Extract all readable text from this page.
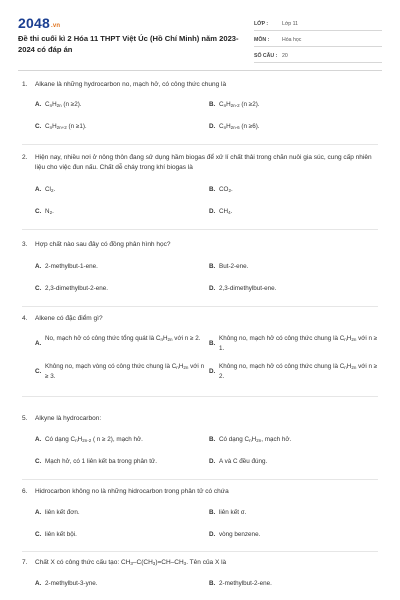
2048.vn
Đề thi cuối kì 2 Hóa 11 THPT Việt Úc (Hồ Chí Minh) năm 2023-2024 có đáp án
LỚP :	Lớp 11
MÔN : Hóa học
SỐ CÂU : 20
1. Alkane là những hydrocarbon no, mạch hở, có công thức chung là
A. $C_nH_{2n}$ (n ≥2).	B. $C_nH_{2n-2}$ (n ≥2).
C. $C_nH_{2n+2}$ (n ≥1).	D. $C_nH_{2n-6}$ (n ≥6).
2. Hiện nay, nhiều nơi ở nông thôn đang sử dụng hầm biogas để xử lí chất thải trong chăn nuôi gia súc, cung cấp nhiên liệu cho việc đun nấu. Chất dễ cháy trong khí biogas là
A. $Cl_2$.	B. $CO_2$.
C. $N_2$.	D. $CH_4$.
3. Hợp chất nào sau đây có đồng phân hình học?
A. 2-methylbut-1-ene.	B. But-2-ene.
C. 2,3-dimethylbut-2-ene.	D. 2,3-dimethylbut-ene.
4. Alkene có đặc điểm gì?
A.
No, mạch hở có công thức tổng quát là $C_nH_{2n}$ với n ≥ 2.
B.
Không no, mạch hở có công thức chung là $C_nH_{2n}$ với n ≥ 1.
C.
Không no, mạch vòng có công thức chung là $C_nH_{2n}$ với n ≥ 3.
D.
Không no, mạch hở có công thức chung là $C_nH_{2n}$ với n ≥ 2.
5. Alkyne là hydrocarbon:
A. Có dạng $C_nH_{2n-2}$ ( n ≥ 2), mạch hở.	B. Có dạng $C_nH_{2n}$, mạch hở.
C. Mạch hở, có 1 liên kết ba trong phân tử.	D. A và C đều đúng.
6. Hidrocarbon không no là những hidrocarbon trong phân tử có chứa
A. liên kết đơn.	B. liên kết σ.
C. liên kết bội.	D. vòng benzene.
7. Chất X có công thức cấu tạo: $CH_3-C(CH_3)=CH-CH_3$. Tên của X là
A. 2-methylbut-3-yne.	B. 2-methylbut-2-ene.
